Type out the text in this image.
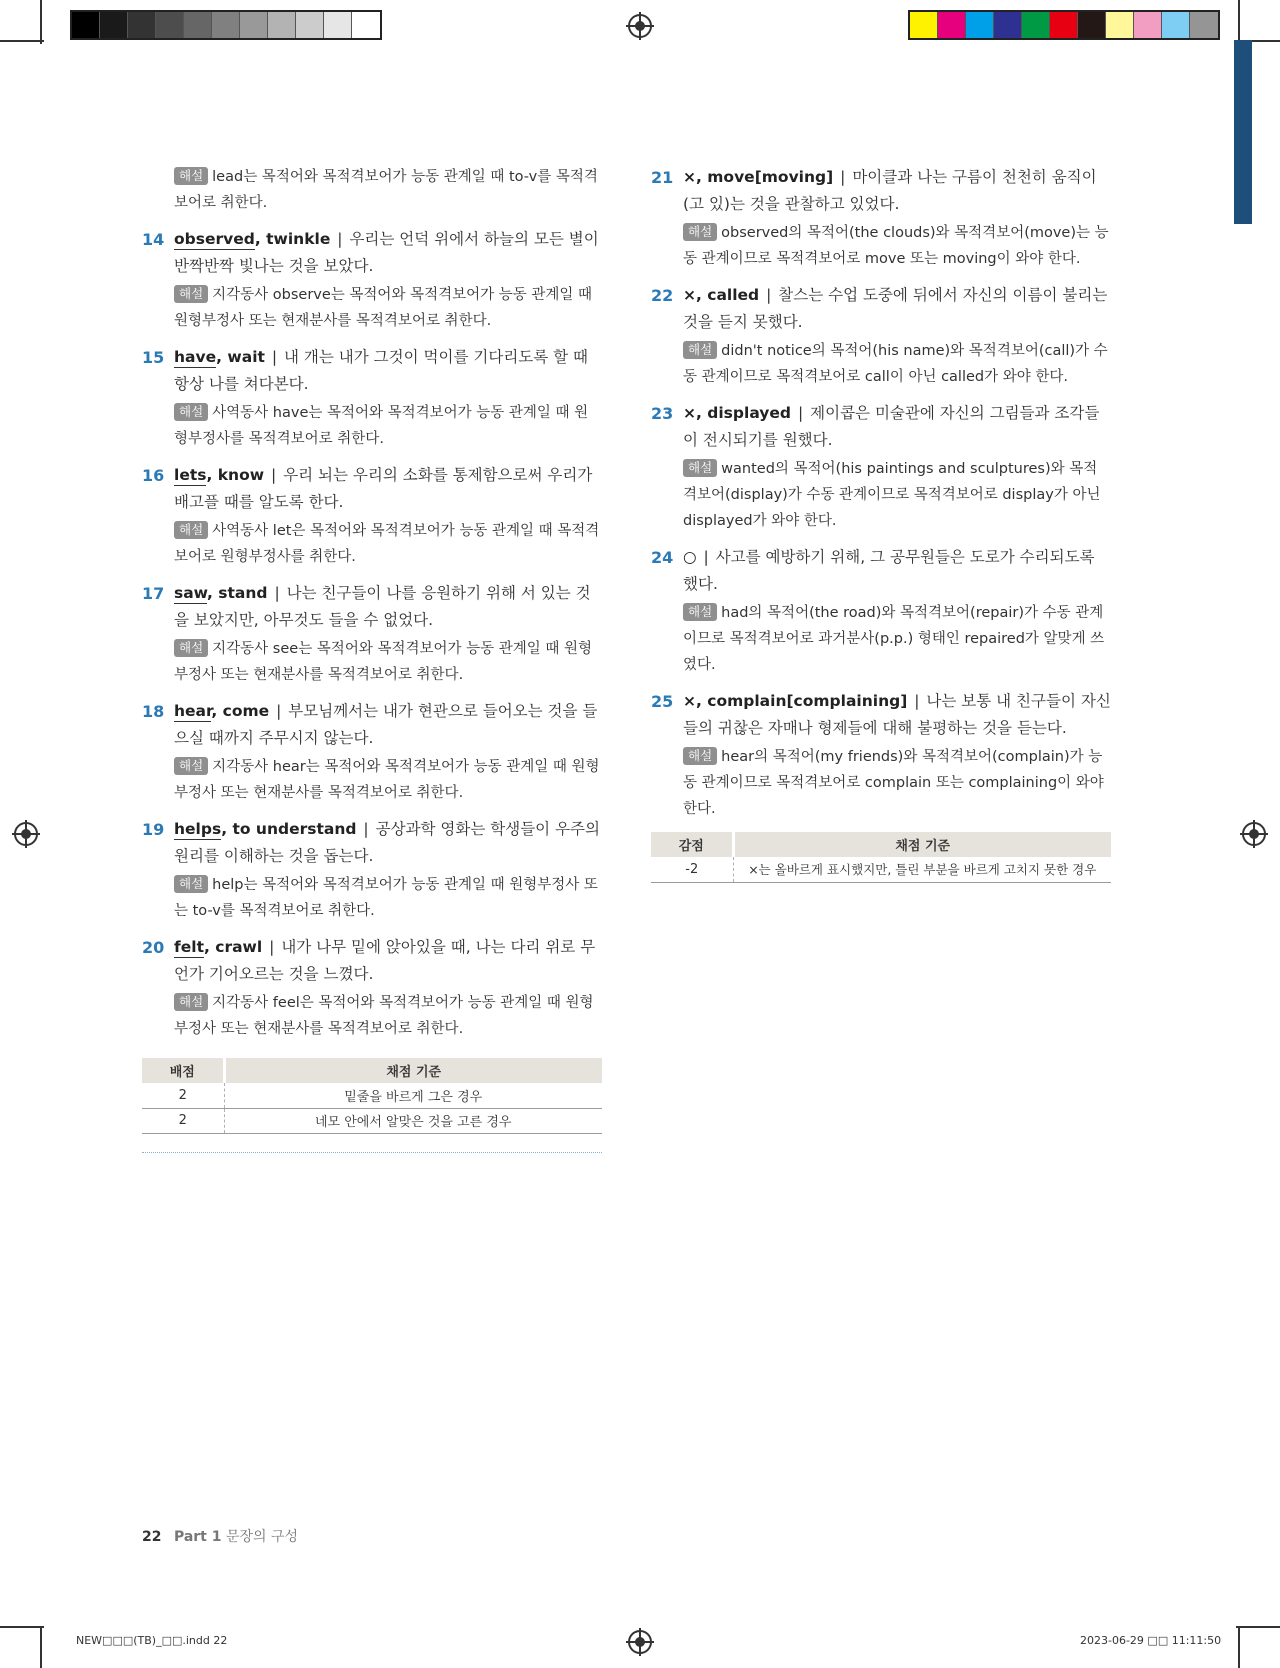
해설 lead는 목적어와 목적격보어가 능동 관계일 때 to-v를 목적격보어로 취한다.
14 observed, twinkle | 우리는 언덕 위에서 하늘의 모든 별이 반짝반짝 빛나는 것을 보았다.
해설 지각동사 observe는 목적어와 목적격보어가 능동 관계일 때 원형부정사 또는 현재분사를 목적격보어로 취한다.
15 have, wait | 내 개는 내가 그것이 먹이를 기다리도록 할 때 항상 나를 쳐다본다.
해설 사역동사 have는 목적어와 목적격보어가 능동 관계일 때 원형부정사를 목적격보어로 취한다.
16 lets, know | 우리 뇌는 우리의 소화를 통제함으로써 우리가 배고플 때를 알도록 한다.
해설 사역동사 let은 목적어와 목적격보어가 능동 관계일 때 목적격보어로 원형부정사를 취한다.
17 saw, stand | 나는 친구들이 나를 응원하기 위해 서 있는 것을 보았지만, 아무것도 들을 수 없었다.
해설 지각동사 see는 목적어와 목적격보어가 능동 관계일 때 원형부정사 또는 현재분사를 목적격보어로 취한다.
18 hear, come | 부모님께서는 내가 현관으로 들어오는 것을 들으실 때까지 주무시지 않는다.
해설 지각동사 hear는 목적어와 목적격보어가 능동 관계일 때 원형부정사 또는 현재분사를 목적격보어로 취한다.
19 helps, to understand | 공상과학 영화는 학생들이 우주의 원리를 이해하는 것을 돕는다.
해설 help는 목적어와 목적격보어가 능동 관계일 때 원형부정사 또는 to-v를 목적격보어로 취한다.
20 felt, crawl | 내가 나무 밑에 앉아있을 때, 나는 다리 위로 무언가 기어오르는 것을 느꼈다.
해설 지각동사 feel은 목적어와 목적격보어가 능동 관계일 때 원형부정사 또는 현재분사를 목적격보어로 취한다.
배점	채점 기준
2	밑줄을 바르게 그은 경우
2	네모 안에서 알맞은 것을 고른 경우
21 ×, move[moving] | 마이클과 나는 구름이 천천히 움직이(고 있)는 것을 관찰하고 있었다.
해설 observed의 목적어(the clouds)와 목적격보어(move)는 능동 관계이므로 목적격보어로 move 또는 moving이 와야 한다.
22 ×, called | 찰스는 수업 도중에 뒤에서 자신의 이름이 불리는 것을 듣지 못했다.
해설 didn't notice의 목적어(his name)와 목적격보어(call)가 수동 관계이므로 목적격보어로 call이 아닌 called가 와야 한다.
23 ×, displayed | 제이콥은 미술관에 자신의 그림들과 조각들이 전시되기를 원했다.
해설 wanted의 목적어(his paintings and sculptures)와 목적격보어(display)가 수동 관계이므로 목적격보어로 display가 아닌 displayed가 와야 한다.
24 ○ | 사고를 예방하기 위해, 그 공무원들은 도로가 수리되도록 했다.
해설 had의 목적어(the road)와 목적격보어(repair)가 수동 관계이므로 목적격보어로 과거분사(p.p.) 형태인 repaired가 알맞게 쓰였다.
25 ×, complain[complaining] | 나는 보통 내 친구들이 자신들의 귀찮은 자매나 형제들에 대해 불평하는 것을 듣는다.
해설 hear의 목적어(my friends)와 목적격보어(complain)가 능동 관계이므로 목적격보어로 complain 또는 complaining이 와야 한다.
감점	채점 기준
-2	×는 올바르게 표시했지만, 틀린 부분을 바르게 고치지 못한 경우
22 Part 1 문장의 구성
NEW□□□(TB)_□□.indd 22	2023-06-29 □□ 11:11:50
